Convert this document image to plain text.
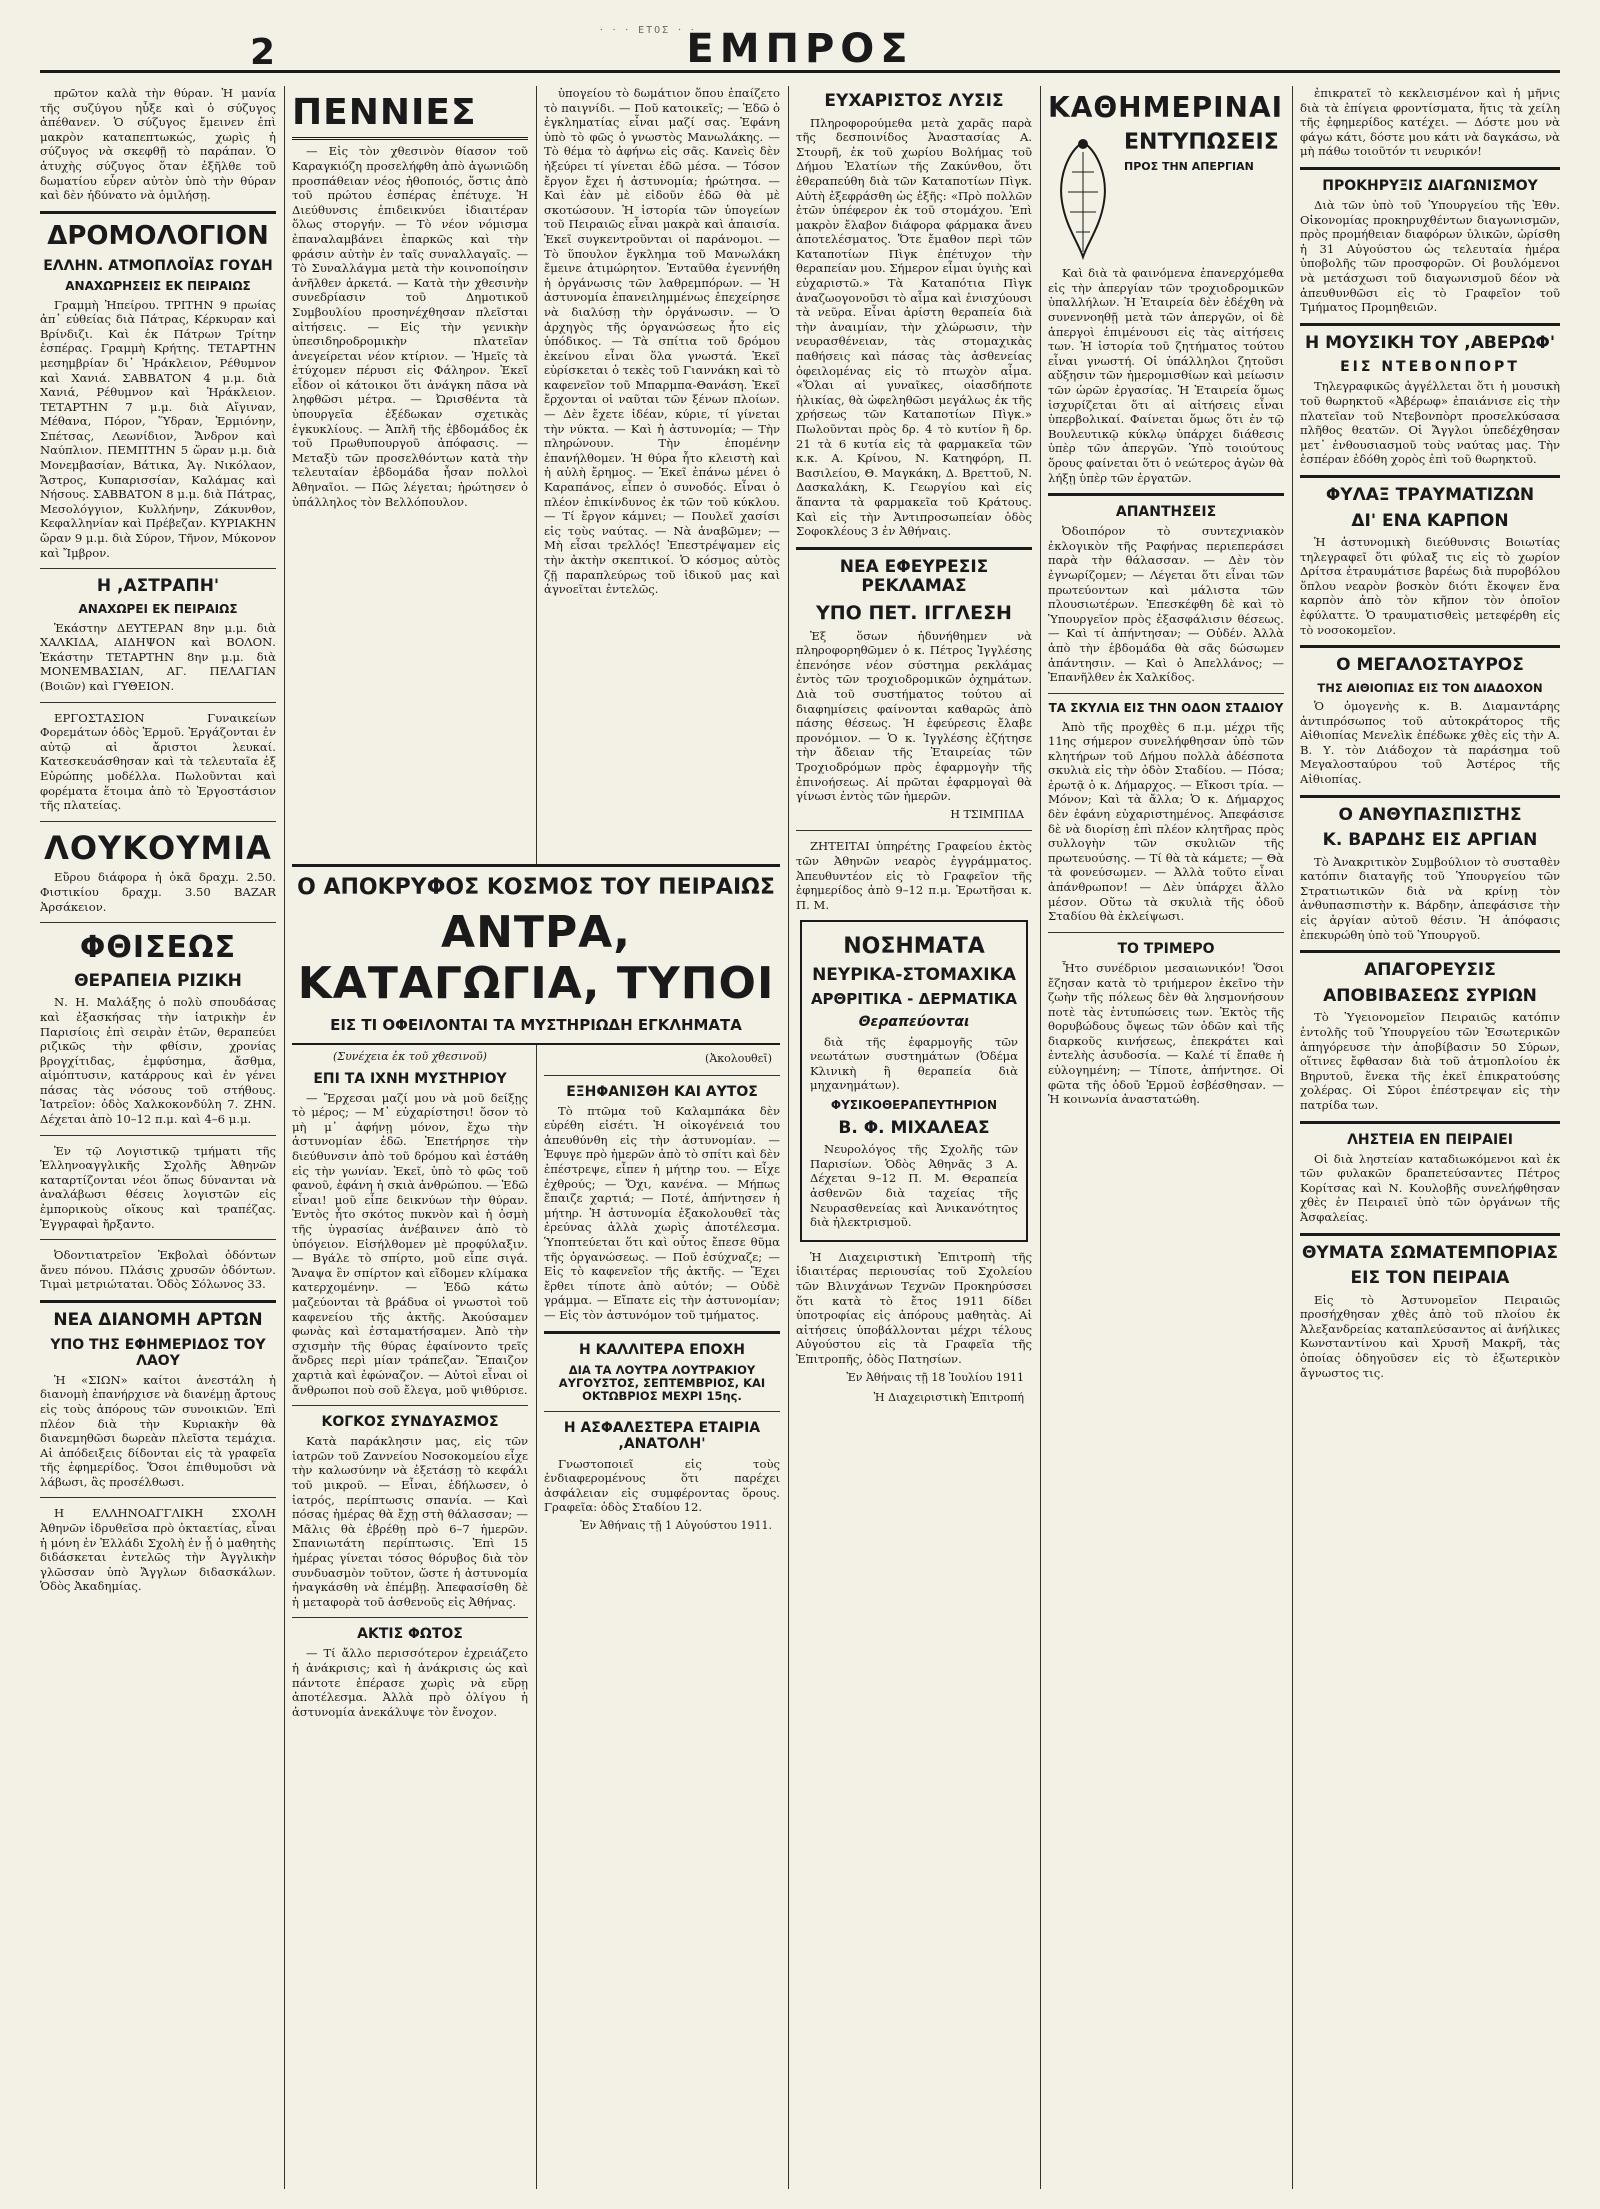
⸱ ⸱ ⸱ ΕΤΟΣ ⸱ ⸱
2	ΕΜΠΡΟΣ

πρῶτον καλὰ τὴν θύραν. Ἡ μανία τῆς συζύγου ηὗξε καὶ ὁ σύζυγος ἀπέθανεν. Ὁ σύζυγος ἔμεινεν ἐπὶ μακρὸν καταπεπτωκώς, χωρὶς ἡ σύζυγος νὰ σκεφθῇ τὸ παράπαν. Ὁ ἀτυχὴς σύζυγος ὅταν ἐξῆλθε τοῦ δωματίου εὗρεν αὐτὸν ὑπὸ τὴν θύραν καὶ δὲν ἠδύνατο νὰ ὁμιλήσῃ.

ΔΡΟΜΟΛΟΓΙΟΝ
ΕΛΛΗΝ. ΑΤΜΟΠΛΟΪΑΣ ΓΟΥΔΗ
ΑΝΑΧΩΡΗΣΕΙΣ ΕΚ ΠΕΙΡΑΙΩΣ

Γραμμὴ Ἠπείρου. ΤΡΙΤΗΝ 9 πρωίας ἀπ᾿ εὐθείας διὰ Πάτρας, Κέρκυραν καὶ Βρίνδιζι. Καὶ ἐκ Πάτρων Τρίτην ἑσπέρας. Γραμμὴ Κρήτης. ΤΕΤΑΡΤΗΝ μεσημβρίαν δι᾿ Ἡράκλειον, Ρέθυμνον καὶ Χανιά. ΣΑΒΒΑΤΟΝ 4 μ.μ. διὰ Χανιά, Ρέθυμνον καὶ Ἡράκλειον. ΤΕΤΑΡΤΗΝ 7 μ.μ. διὰ Αἴγιναν, Μέθανα, Πόρον, Ὕδραν, Ἑρμιόνην, Σπέτσας, Λεωνίδιον, Ἄνδρον καὶ Ναύπλιον. ΠΕΜΠΤΗΝ 5 ὥραν μ.μ. διὰ Μονεμβασίαν, Βάτικα, Ἁγ. Νικόλαον, Ἄστρος, Κυπαρισσίαν, Καλάμας καὶ Νήσους. ΣΑΒΒΑΤΟΝ 8 μ.μ. διὰ Πάτρας, Μεσολόγγιον, Κυλλήνην, Ζάκυνθον, Κεφαλληνίαν καὶ Πρέβεζαν. ΚΥΡΙΑΚΗΝ ὥραν 9 μ.μ. διὰ Σύρον, Τῆνον, Μύκονον καὶ Ἴμβρον.

Η ,ΑΣΤΡΑΠΗ'
ΑΝΑΧΩΡΕΙ ΕΚ ΠΕΙΡΑΙΩΣ

Ἑκάστην ΔΕΥΤΕΡΑΝ 8ην μ.μ. διὰ ΧΑΛΚΙΔΑ, ΑΙΔΗΨΟΝ καὶ ΒΟΛΟΝ. Ἑκάστην ΤΕΤΑΡΤΗΝ 8ην μ.μ. διὰ ΜΟΝΕΜΒΑΣΙΑΝ, ΑΓ. ΠΕΛΑΓΙΑΝ (Βοιῶν) καὶ ΓΥΘΕΙΟΝ.

ΕΡΓΟΣΤΑΣΙΟΝ Γυναικείων Φορεμάτων ὁδὸς Ἑρμοῦ. Ἐργάζονται ἐν αὐτῷ αἱ ἄριστοι λευκαί. Κατεσκευάσθησαν καὶ τὰ τελευταῖα ἐξ Εὐρώπης μοδέλλα. Πωλοῦνται καὶ φορέματα ἕτοιμα ἀπὸ τὸ Ἐργοστάσιον τῆς πλατείας.

ΛΟΥΚΟΥΜΙΑ

Εὔρου διάφορα ἡ ὀκᾶ δραχμ. 2.50. Φιστικίου δραχμ. 3.50 BAZAR Ἀρσάκειον.

ΦΘΙΣΕΩΣ
ΘΕΡΑΠΕΙΑ ΡΙΖΙΚΗ

Ν. Η. Μαλάξης ὁ πολὺ σπουδάσας καὶ ἐξασκήσας τὴν ἰατρικὴν ἐν Παρισίοις ἐπὶ σειρὰν ἐτῶν, θεραπεύει ριζικῶς τὴν φθίσιν, χρονίας βρογχίτιδας, ἐμφύσημα, ἄσθμα, αἱμόπτυσιν, κατάρρους καὶ ἐν γένει πάσας τὰς νόσους τοῦ στήθους. Ἰατρεῖον: ὁδὸς Χαλκοκονδύλη 7. ΖΗΝ. Δέχεται ἀπὸ 10–12 π.μ. καὶ 4–6 μ.μ.

Ἐν τῷ Λογιστικῷ τμήματι τῆς Ἑλληνοαγγλικῆς Σχολῆς Ἀθηνῶν καταρτίζονται νέοι ὅπως δύνανται νὰ ἀναλάβωσι θέσεις λογιστῶν εἰς ἐμπορικοὺς οἴκους καὶ τραπέζας. Ἐγγραφαὶ ἤρξαντο.

Ὀδοντιατρεῖον Ἐκβολαὶ ὀδόντων ἄνευ πόνου. Πλάσις χρυσῶν ὀδόντων. Τιμαὶ μετριώταται. Ὁδὸς Σόλωνος 33.

ΝΕΑ ΔΙΑΝΟΜΗ ΑΡΤΩΝ
ΥΠΟ ΤΗΣ ΕΦΗΜΕΡΙΔΟΣ ΤΟΥ ΛΑΟΥ

Ἡ «ΣΙΩΝ» καίτοι ἀνεστάλη ἡ διανομὴ ἐπανήρχισε νὰ διανέμῃ ἄρτους εἰς τοὺς ἀπόρους τῶν συνοικιῶν. Ἐπὶ πλέον διὰ τὴν Κυριακὴν θὰ διανεμηθῶσι δωρεὰν πλεῖστα τεμάχια. Αἱ ἀπόδειξεις δίδονται εἰς τὰ γραφεῖα τῆς ἐφημερίδος. Ὅσοι ἐπιθυμοῦσι νὰ λάβωσι, ἃς προσέλθωσι.

Η ΕΛΛΗΝΟΑΓΓΛΙΚΗ ΣΧΟΛΗ Ἀθηνῶν ἱδρυθεῖσα πρὸ ὀκταετίας, εἶναι ἡ μόνη ἐν Ἑλλάδι Σχολὴ ἐν ᾗ ὁ μαθητὴς διδάσκεται ἐντελῶς τὴν Ἀγγλικὴν γλῶσσαν ὑπὸ Ἄγγλων διδασκάλων. Ὁδὸς Ἀκαδημίας.

ΠΕΝΝΙΕΣ

— Εἰς τὸν χθεσινὸν θίασον τοῦ Καραγκιόζη προσελήφθη ἀπὸ ἀγωνιῶδη προσπάθειαν νέος ἠθοποιός, ὅστις ἀπὸ τοῦ πρώτου ἐσπέρας ἐπέτυχε. Ἡ Διεύθυνσις ἐπιδεικνύει ἰδιαιτέραν ὅλως στοργήν. — Τὸ νέον νόμισμα ἐπαναλαμβάνει ἐπαρκῶς καὶ τὴν φράσιν αὐτὴν ἐν ταῖς συναλλαγαῖς. — Τὸ Συναλλάγμα μετὰ τὴν κοινοποίησιν ἀνῆλθεν ἀρκετά. — Κατὰ τὴν χθεσινὴν συνεδρίασιν τοῦ Δημοτικοῦ Συμβουλίου προσηνέχθησαν πλεῖσται αἰτήσεις. — Εἰς τὴν γενικὴν ὑπεσιδηροδρομικὴν πλατεῖαν ἀνεγείρεται νέον κτίριον. — Ἡμεῖς τὰ ἐτύχομεν πέρυσι εἰς Φάληρον. Ἐκεῖ εἶδον οἱ κάτοικοι ὅτι ἀνάγκη πᾶσα νὰ ληφθῶσι μέτρα. — Ὠρισθέντα τὰ ὑπουργεῖα ἐξέδωκαν σχετικὰς ἐγκυκλίους. — Ἁπλῆ τῆς ἐβδομάδος ἐκ τοῦ Πρωθυπουργοῦ ἀπόφασις. — Μεταξὺ τῶν προσελθόντων κατὰ τὴν τελευταίαν ἐβδομάδα ἦσαν πολλοὶ Ἀθηναῖοι. — Πῶς λέγεται; ἠρώτησεν ὁ ὑπάλληλος τὸν Βελλόπουλον.

ὑπογείου τὸ δωμάτιον ὅπου ἐπαίζετο τὸ παιγνίδι. — Ποῦ κατοικεῖς; — Ἐδῶ ὁ ἐγκληματίας εἶναι μαζί σας. Ἐφάνη ὑπὸ τὸ φῶς ὁ γνωστὸς Μανωλάκης. — Τὸ θέμα τὸ ἀφήνω εἰς σᾶς. Κανεὶς δὲν ἠξεύρει τί γίνεται ἐδῶ μέσα. — Τόσον ἔργον ἔχει ἡ ἀστυνομία; ἠρώτησα. — Καὶ ἐὰν μὲ εἰδοῦν ἐδῶ θὰ μὲ σκοτώσουν. Ἡ ἱστορία τῶν ὑπογείων τοῦ Πειραιῶς εἶναι μακρὰ καὶ ἀπαισία. Ἐκεῖ συγκεντροῦνται οἱ παράνομοι. — Τὸ ὕπουλον ἔγκλημα τοῦ Μανωλάκη ἔμεινε ἀτιμώρητον. Ἐνταῦθα ἐγεννήθη ἡ ὀργάνωσις τῶν λαθρεμπόρων. — Ἡ ἀστυνομία ἐπανειλημμένως ἐπεχείρησε νὰ διαλύσῃ τὴν ὀργάνωσιν. — Ὁ ἀρχηγὸς τῆς ὀργανώσεως ἦτο εἰς ὑπόδικος. — Τὰ σπίτια τοῦ δρόμου ἐκείνου εἶναι ὅλα γνωστά. Ἐκεῖ εὑρίσκεται ὁ τεκὲς τοῦ Γιαννάκη καὶ τὸ καφενεῖον τοῦ Μπαρμπα-Θανάση. Ἐκεῖ ἔρχονται οἱ ναῦται τῶν ξένων πλοίων. — Δὲν ἔχετε ἰδέαν, κύριε, τί γίνεται τὴν νύκτα. — Καὶ ἡ ἀστυνομία; — Τὴν πληρώνουν. Τὴν ἑπομένην ἐπανήλθομεν. Ἡ θύρα ἦτο κλειστὴ καὶ ἡ αὐλὴ ἔρημος. — Ἐκεῖ ἐπάνω μένει ὁ Καραπάνος, εἶπεν ὁ συνοδός. Εἶναι ὁ πλέον ἐπικίνδυνος ἐκ τῶν τοῦ κύκλου. — Τί ἔργον κάμνει; — Πουλεῖ χασίσι εἰς τοὺς ναύτας. — Νὰ ἀναβῶμεν; — Μὴ εἶσαι τρελλός! Ἐπεστρέψαμεν εἰς τὴν ἀκτὴν σκεπτικοί. Ὁ κόσμος αὐτὸς ζῇ παραπλεύρως τοῦ ἰδικοῦ μας καὶ ἀγνοεῖται ἐντελῶς.

Ο ΑΠΟΚΡΥΦΟΣ ΚΟΣΜΟΣ ΤΟΥ ΠΕΙΡΑΙΩΣ
ΑΝΤΡΑ, ΚΑΤΑΓΩΓΙΑ, ΤΥΠΟΙ
ΕΙΣ ΤΙ ΟΦΕΙΛΟΝΤΑΙ ΤΑ ΜΥΣΤΗΡΙΩΔΗ ΕΓΚΛΗΜΑΤΑ
(Συνέχεια ἐκ τοῦ χθεσινοῦ)
ΕΠΙ ΤΑ ΙΧΝΗ ΜΥΣΤΗΡΙΟΥ

— Ἔρχεσαι μαζί μου νὰ μοῦ δείξῃς τὸ μέρος; — Μ᾿ εὐχαρίστησι! ὅσον τὸ μὴ μ᾿ ἀφήνῃ μόνον, ἔχω τὴν ἀστυνομίαν ἐδῶ. Ἐπετήρησε τὴν διεύθυνσιν ἀπὸ τοῦ δρόμου καὶ ἐστάθη εἰς τὴν γωνίαν. Ἐκεῖ, ὑπὸ τὸ φῶς τοῦ φανοῦ, ἐφάνη ἡ σκιὰ ἀνθρώπου. — Ἐδῶ εἶναι! μοῦ εἶπε δεικνύων τὴν θύραν. Ἐντὸς ἦτο σκότος πυκνὸν καὶ ἡ ὀσμὴ τῆς ὑγρασίας ἀνέβαινεν ἀπὸ τὸ ὑπόγειον. Εἰσήλθομεν μὲ προφύλαξιν. — Βγάλε τὸ σπίρτο, μοῦ εἶπε σιγά. Ἄναψα ἓν σπίρτον καὶ εἴδομεν κλίμακα κατερχομένην. — Ἐδῶ κάτω μαζεύονται τὰ βράδυα οἱ γνωστοὶ τοῦ καφενείου τῆς ἀκτῆς. Ἀκούσαμεν φωνὰς καὶ ἐσταματήσαμεν. Ἀπὸ τὴν σχισμὴν τῆς θύρας ἐφαίνοντο τρεῖς ἄνδρες περὶ μίαν τράπεζαν. Ἔπαιζον χαρτιὰ καὶ ἐφώναζον. — Αὐτοὶ εἶναι οἱ ἄνθρωποι ποὺ σοῦ ἔλεγα, μοῦ ψιθύρισε.

ΚΟΓΚΟΣ ΣΥΝΔΥΑΣΜΟΣ

Κατὰ παράκλησιν μας, εἰς τῶν ἰατρῶν τοῦ Ζαννείου Νοσοκομείου εἶχε τὴν καλωσύνην νὰ ἐξετάσῃ τὸ κεφάλι τοῦ μικροῦ. — Εἶναι, ἐδήλωσεν, ὁ ἰατρός, περίπτωσις σπανία. — Καὶ πόσας ἡμέρας θὰ ἔχῃ στὴ θάλασσαν; — Μᾶλις θὰ ἐβρέθῃ πρὸ 6–7 ἡμερῶν. Σπανιωτάτη περίπτωσις. Ἐπὶ 15 ἡμέρας γίνεται τόσος θόρυβος διὰ τὸν συνδυασμὸν τοῦτον, ὥστε ἡ ἀστυνομία ἠναγκάσθη νὰ ἐπέμβῃ. Ἀπεφασίσθη δὲ ἡ μεταφορὰ τοῦ ἀσθενοῦς εἰς Ἀθήνας.

ΑΚΤΙΣ ΦΩΤΟΣ

— Τί ἄλλο περισσότερον ἐχρειάζετο ἡ ἀνάκρισις; καὶ ἡ ἀνάκρισις ὡς καὶ πάντοτε ἐπέρασε χωρὶς νὰ εὕρῃ ἀποτέλεσμα. Ἀλλὰ πρὸ ὀλίγου ἡ ἀστυνομία ἀνεκάλυψε τὸν ἔνοχον.

(Ἀκολουθεῖ)
ΕΞΗΦΑΝΙΣΘΗ ΚΑΙ ΑΥΤΟΣ

Τὸ πτῶμα τοῦ Καλαμπάκα δὲν εὑρέθη εἰσέτι. Ἡ οἰκογένειά του ἀπευθύνθη εἰς τὴν ἀστυνομίαν. — Ἐφυγε πρὸ ἡμερῶν ἀπὸ τὸ σπίτι καὶ δὲν ἐπέστρεψε, εἶπεν ἡ μήτηρ του. — Εἶχε ἐχθρούς; — Ὄχι, κανένα. — Μήπως ἔπαιζε χαρτιά; — Ποτέ, ἀπήντησεν ἡ μήτηρ. Ἡ ἀστυνομία ἐξακολουθεῖ τὰς ἐρεύνας ἀλλὰ χωρὶς ἀποτέλεσμα. Ὑποπτεύεται ὅτι καὶ οὗτος ἔπεσε θῦμα τῆς ὀργανώσεως. — Ποῦ ἐσύχναζε; — Εἰς τὸ καφενεῖον τῆς ἀκτῆς. — Ἔχει ἔρθει τίποτε ἀπὸ αὐτόν; — Οὐδὲ γράμμα. — Εἴπατε εἰς τὴν ἀστυνομίαν; — Εἰς τὸν ἀστυνόμον τοῦ τμήματος.

Η ΚΑΛΛΙΤΕΡΑ ΕΠΟΧΗ
ΔΙΑ ΤΑ ΛΟΥΤΡΑ ΛΟΥΤΡΑΚΙΟΥ ΑΥΓΟΥΣΤΟΣ, ΣΕΠΤΕΜΒΡΙΟΣ, ΚΑΙ ΟΚΤΩΒΡΙΟΣ ΜΕΧΡΙ 15ης.
Η ΑΣΦΑΛΕΣΤΕΡΑ ΕΤΑΙΡΙΑ ,ΑΝΑΤΟΛΗ'

Γνωστοποιεῖ εἰς τοὺς ἐνδιαφερομένους ὅτι παρέχει ἀσφάλειαν εἰς συμφέροντας ὅρους. Γραφεῖα: ὁδὸς Σταδίου 12.

Ἐν Ἀθήναις τῇ 1 Αὐγούστου 1911.
ΕΥΧΑΡΙΣΤΟΣ ΛΥΣΙΣ

Πληροφορούμεθα μετὰ χαρᾶς παρὰ τῆς δεσποινίδος Ἀναστασίας Α. Στουρῆ, ἐκ τοῦ χωρίου Βολήμας τοῦ Δήμου Ἐλατίων τῆς Ζακύνθου, ὅτι ἐθεραπεύθη διὰ τῶν Καταποτίων Πὶγκ. Αὐτὴ ἐξεφράσθη ὡς ἑξῆς: «Πρὸ πολλῶν ἐτῶν ὑπέφερον ἐκ τοῦ στομάχου. Ἐπὶ μακρὸν ἔλαβον διάφορα φάρμακα ἄνευ ἀποτελέσματος. Ὅτε ἔμαθον περὶ τῶν Καταποτίων Πὶγκ ἐπέτυχον τὴν θεραπείαν μου. Σήμερον εἶμαι ὑγιὴς καὶ εὐχαριστῶ.» Τὰ Καταπότια Πὶγκ ἀναζωογονοῦσι τὸ αἷμα καὶ ἐνισχύουσι τὰ νεῦρα. Εἶναι ἀρίστη θεραπεία διὰ τὴν ἀναιμίαν, τὴν χλώρωσιν, τὴν νευρασθένειαν, τὰς στομαχικὰς παθήσεις καὶ πάσας τὰς ἀσθενείας ὀφειλομένας εἰς τὸ πτωχὸν αἷμα. «Ὅλαι αἱ γυναῖκες, οἱασδήποτε ἡλικίας, θὰ ὠφεληθῶσι μεγάλως ἐκ τῆς χρήσεως τῶν Καταποτίων Πὶγκ.» Πωλοῦνται πρὸς δρ. 4 τὸ κυτίον ἢ δρ. 21 τὰ 6 κυτία εἰς τὰ φαρμακεῖα τῶν κ.κ. Α. Κρίνου, Ν. Κατηφόρη, Π. Βασιλείου, Θ. Μαγκάκη, Δ. Βρεττοῦ, Ν. Δασκαλάκη, Κ. Γεωργίου καὶ εἰς ἅπαντα τὰ φαρμακεῖα τοῦ Κράτους. Καὶ εἰς τὴν Ἀντιπροσωπείαν ὁδὸς Σοφοκλέους 3 ἐν Ἀθήναις.

ΝΕΑ ΕΦΕΥΡΕΣΙΣ ΡΕΚΛΑΜΑΣ
ΥΠΟ ΠΕΤ. ΙΓΓΛΕΣΗ

Ἐξ ὅσων ἠδυνήθημεν νὰ πληροφορηθῶμεν ὁ κ. Πέτρος Ἰγγλέσης ἐπενόησε νέον σύστημα ρεκλάμας ἐντὸς τῶν τροχιοδρομικῶν ὀχημάτων. Διὰ τοῦ συστήματος τούτου αἱ διαφημίσεις φαίνονται καθαρῶς ἀπὸ πάσης θέσεως. Ἡ ἐφεύρεσις ἔλαβε προνόμιον. — Ὁ κ. Ἰγγλέσης ἐζήτησε τὴν ἄδειαν τῆς Ἑταιρείας τῶν Τροχιοδρόμων πρὸς ἐφαρμογὴν τῆς ἐπινοήσεως. Αἱ πρῶται ἐφαρμογαὶ θὰ γίνωσι ἐντὸς τῶν ἡμερῶν.

Η ΤΣΙΜΠΙΔΑ

ΖΗΤΕΙΤΑΙ ὑπηρέτης Γραφείου ἐκτὸς τῶν Ἀθηνῶν νεαρὸς ἐγγράμματος. Ἀπευθυντέον εἰς τὸ Γραφεῖον τῆς ἐφημερίδος ἀπὸ 9–12 π.μ. Ἐρωτῆσαι κ. Π. Μ.

ΝΟΣΗΜΑΤΑ
ΝΕΥΡΙΚΑ-ΣΤΟΜΑΧΙΚΑ
ΑΡΘΡΙΤΙΚΑ - ΔΕΡΜΑΤΙΚΑ
Θεραπεύονται

διὰ τῆς ἐφαρμογῆς τῶν νεωτάτων συστημάτων (Ὀδέμα Κλινικὴ ἢ θεραπεία διὰ μηχανημάτων).

ΦΥΣΙΚΟΘΕΡΑΠΕΥΤΗΡΙΟΝ
Β. Φ. ΜΙΧΑΛΕΑΣ

Νευρολόγος τῆς Σχολῆς τῶν Παρισίων. Ὁδὸς Ἀθηνᾶς 3 Α. Δέχεται 9–12 Π. Μ. Θεραπεία ἀσθενῶν διὰ ταχείας τῆς Νευρασθενείας καὶ Ἀνικανότητος διὰ ἠλεκτρισμοῦ.

Ἡ Διαχειριστικὴ Ἐπιτροπὴ τῆς ἰδιαιτέρας περιουσίας τοῦ Σχολείου τῶν Βλινχάνων Τεχνῶν Προκηρύσσει ὅτι κατὰ τὸ ἔτος 1911 δίδει ὑποτροφίας εἰς ἀπόρους μαθητὰς. Αἱ αἰτήσεις ὑποβάλλονται μέχρι τέλους Αὐγούστου εἰς τὰ Γραφεῖα τῆς Ἐπιτροπῆς, ὁδὸς Πατησίων.

Ἐν Ἀθήναις τῇ 18 Ἰουλίου 1911
Ἡ Διαχειριστικὴ Ἐπιτροπή
ΚΑΘΗΜΕΡΙΝΑΙ
ΕΝΤΥΠΩΣΕΙΣ
ΠΡΟΣ ΤΗΝ ΑΠΕΡΓΙΑΝ

Καὶ διὰ τὰ φαινόμενα ἐπανερχόμεθα εἰς τὴν ἀπεργίαν τῶν τροχιοδρομικῶν ὑπαλλήλων. Ἡ Ἑταιρεία δὲν ἐδέχθη νὰ συνεννοηθῇ μετὰ τῶν ἀπεργῶν, οἱ δὲ ἀπεργοὶ ἐπιμένουσι εἰς τὰς αἰτήσεις των. Ἡ ἱστορία τοῦ ζητήματος τούτου εἶναι γνωστή. Οἱ ὑπάλληλοι ζητοῦσι αὔξησιν τῶν ἡμερομισθίων καὶ μείωσιν τῶν ὡρῶν ἐργασίας. Ἡ Ἑταιρεία ὅμως ἰσχυρίζεται ὅτι αἱ αἰτήσεις εἶναι ὑπερβολικαί. Φαίνεται ὅμως ὅτι ἐν τῷ Βουλευτικῷ κύκλῳ ὑπάρχει διάθεσις ὑπὲρ τῶν ἀπεργῶν. Ὑπὸ τοιούτους ὅρους φαίνεται ὅτι ὁ νεώτερος ἀγὼν θὰ λήξῃ ὑπὲρ τῶν ἐργατῶν.

ΑΠΑΝΤΗΣΕΙΣ

Ὀδοιπόρον τὸ συντεχνιακὸν ἐκλογικὸν τῆς Ραφήνας περιεπεράσει παρὰ τὴν θάλασσαν. — Δὲν τὸν ἐγνωρίζομεν; — Λέγεται ὅτι εἶναι τῶν πρωτεύοντων καὶ μάλιστα τῶν πλουσιωτέρων. Ἐπεσκέφθη δὲ καὶ τὸ Ὑπουργεῖον πρὸς ἐξασφάλισιν θέσεως. — Καὶ τί ἀπήντησαν; — Οὐδέν. Ἀλλὰ ἀπὸ τὴν ἑβδομάδα θὰ σᾶς δώσωμεν ἀπάντησιν. — Καὶ ὁ Ἀπελλάνος; — Ἐπανῆλθεν ἐκ Χαλκίδος.

ΤΑ ΣΚΥΛΙΑ ΕΙΣ ΤΗΝ ΟΔΟΝ ΣΤΑΔΙΟΥ

Ἀπὸ τῆς προχθὲς 6 π.μ. μέχρι τῆς 11ης σήμερον συνελήφθησαν ὑπὸ τῶν κλητήρων τοῦ Δήμου πολλὰ ἀδέσποτα σκυλιὰ εἰς τὴν ὁδὸν Σταδίου. — Πόσα; ἐρωτᾷ ὁ κ. Δήμαρχος. — Εἴκοσι τρία. — Μόνον; Καὶ τὰ ἄλλα; Ὁ κ. Δήμαρχος δὲν ἐφάνη εὐχαριστημένος. Ἀπεφάσισε δὲ νὰ διορίσῃ ἐπὶ πλέον κλητῆρας πρὸς συλλογὴν τῶν σκυλιῶν τῆς πρωτευούσης. — Τί θὰ τὰ κάμετε; — Θὰ τὰ φονεύσωμεν. — Ἀλλὰ τοῦτο εἶναι ἀπάνθρωπον! — Δὲν ὑπάρχει ἄλλο μέσον. Οὕτω τὰ σκυλιὰ τῆς ὁδοῦ Σταδίου θὰ ἐκλείψωσι.

ΤΟ ΤΡΙΜΕΡΟ

Ἦτο συνέδριον μεσαιωνικόν! Ὅσοι ἔζησαν κατὰ τὸ τριήμερον ἐκεῖνο τὴν ζωὴν τῆς πόλεως δὲν θὰ λησμονήσουν ποτὲ τὰς ἐντυπώσεις των. Ἐκτὸς τῆς θορυβώδους ὄψεως τῶν ὁδῶν καὶ τῆς διαρκοῦς κινήσεως, ἐπεκράτει καὶ ἐντελὴς ἀσυδοσία. — Καλέ τί ἔπαθε ἡ εὐλογημένη; — Τίποτε, ἀπήντησε. Οἱ φῶτα τῆς ὁδοῦ Ἑρμοῦ ἐσβέσθησαν. — Ἡ κοινωνία ἀναστατώθη.

ἐπικρατεῖ τὸ κεκλεισμένον καὶ ἡ μῆνις διὰ τὰ ἐπίγεια φροντίσματα, ἥτις τὰ χείλη τῆς ἐφημερίδος κατέχει. — Δόστε μου νὰ φάγω κάτι, δόστε μου κάτι νὰ δαγκάσω, νὰ μὴ πάθω τοιοῦτόν τι νευρικόν!

ΠΡΟΚΗΡΥΞΙΣ ΔΙΑΓΩΝΙΣΜΟΥ

Διὰ τῶν ὑπὸ τοῦ Ὑπουργείου τῆς Ἐθν. Οἰκονομίας προκηρυχθέντων διαγωνισμῶν, πρὸς προμήθειαν διαφόρων ὑλικῶν, ὡρίσθη ἡ 31 Αὐγούστου ὡς τελευταία ἡμέρα ὑποβολῆς τῶν προσφορῶν. Οἱ βουλόμενοι νὰ μετάσχωσι τοῦ διαγωνισμοῦ δέον νὰ ἀπευθυνθῶσι εἰς τὸ Γραφεῖον τοῦ Τμήματος Προμηθειῶν.

Η ΜΟΥΣΙΚΗ ΤΟΥ ,ΑΒΕΡΩΦ'
ΕΙΣ ΝΤΕΒΟΝΠΟΡΤ

Τηλεγραφικῶς ἀγγέλλεται ὅτι ἡ μουσικὴ τοῦ θωρηκτοῦ «Ἀβέρωφ» ἐπαιάνισε εἰς τὴν πλατεῖαν τοῦ Ντεβονπὸρτ προσελκύσασα πλῆθος θεατῶν. Οἱ Ἄγγλοι ὑπεδέχθησαν μετ᾿ ἐνθουσιασμοῦ τοὺς ναύτας μας. Τὴν ἑσπέραν ἐδόθη χορὸς ἐπὶ τοῦ θωρηκτοῦ.

ΦΥΛΑΞ ΤΡΑΥΜΑΤΙΖΩΝ
ΔΙ' ΕΝΑ ΚΑΡΠΟΝ

Ἡ ἀστυνομικὴ διεύθυνσις Βοιωτίας τηλεγραφεῖ ὅτι φύλαξ τις εἰς τὸ χωρίον Δρίτσα ἐτραυμάτισε βαρέως διὰ πυροβόλου ὅπλου νεαρὸν βοσκὸν διότι ἔκοψεν ἕνα καρπὸν ἀπὸ τὸν κῆπον τὸν ὁποῖον ἐφύλαττε. Ὁ τραυματισθεὶς μετεφέρθη εἰς τὸ νοσοκομεῖον.

Ο ΜΕΓΑΛΟΣΤΑΥΡΟΣ
ΤΗΣ ΑΙΘΙΟΠΙΑΣ ΕΙΣ ΤΟΝ ΔΙΑΔΟΧΟΝ

Ὁ ὁμογενὴς κ. Β. Διαμαντάρης ἀντιπρόσωπος τοῦ αὐτοκράτορος τῆς Αἰθιοπίας Μενελὶκ ἐπέδωκε χθὲς εἰς τὴν Α. Β. Υ. τὸν Διάδοχον τὰ παράσημα τοῦ Μεγαλοσταύρου τοῦ Ἀστέρος τῆς Αἰθιοπίας.

Ο ΑΝΘΥΠΑΣΠΙΣΤΗΣ
Κ. ΒΑΡΔΗΣ ΕΙΣ ΑΡΓΙΑΝ

Τὸ Ἀνακριτικὸν Συμβούλιον τὸ συσταθὲν κατόπιν διαταγῆς τοῦ Ὑπουργείου τῶν Στρατιωτικῶν διὰ νὰ κρίνῃ τὸν ἀνθυπασπιστὴν κ. Βάρδην, ἀπεφάσισε τὴν εἰς ἀργίαν αὐτοῦ θέσιν. Ἡ ἀπόφασις ἐπεκυρώθη ὑπὸ τοῦ Ὑπουργοῦ.

ΑΠΑΓΟΡΕΥΣΙΣ
ΑΠΟΒΙΒΑΣΕΩΣ ΣΥΡΙΩΝ

Τὸ Ὑγειονομεῖον Πειραιῶς κατόπιν ἐντολῆς τοῦ Ὑπουργείου τῶν Ἐσωτερικῶν ἀπηγόρευσε τὴν ἀποβίβασιν 50 Σύρων, οἵτινες ἔφθασαν διὰ τοῦ ἀτμοπλοίου ἐκ Βηρυτοῦ, ἕνεκα τῆς ἐκεῖ ἐπικρατούσης χολέρας. Οἱ Σύροι ἐπέστρεψαν εἰς τὴν πατρίδα των.

ΛΗΣΤΕΙΑ ΕΝ ΠΕΙΡΑΙΕΙ

Οἱ διὰ ληστείαν καταδιωκόμενοι καὶ ἐκ τῶν φυλακῶν δραπετεύσαντες Πέτρος Κορίτσας καὶ Ν. Κουλοβῆς συνελήφθησαν χθὲς ἐν Πειραιεῖ ὑπὸ τῶν ὀργάνων τῆς Ἀσφαλείας.

ΘΥΜΑΤΑ ΣΩΜΑΤΕΜΠΟΡΙΑΣ
ΕΙΣ ΤΟΝ ΠΕΙΡΑΙΑ

Εἰς τὸ Ἀστυνομεῖον Πειραιῶς προσήχθησαν χθὲς ἀπὸ τοῦ πλοίου ἐκ Ἀλεξανδρείας καταπλεύσαντος αἱ ἀνήλικες Κωνσταντίνου καὶ Χρυσῆ Μακρῆ, τὰς ὁποίας ὁδηγοῦσεν εἰς τὸ ἐξωτερικὸν ἄγνωστος τις.
